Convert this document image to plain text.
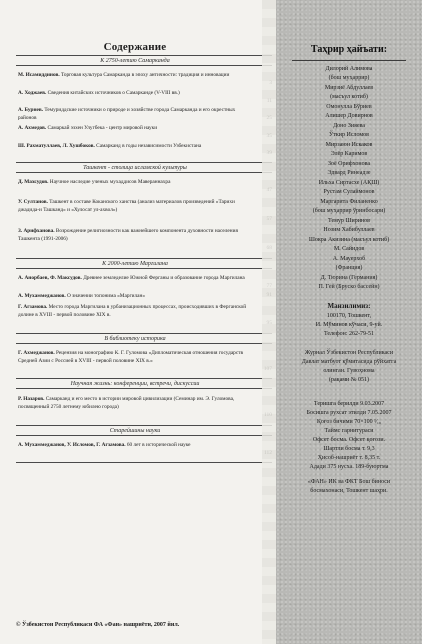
Содержание
К 2750-летию Самарканда
М. Исамиддинов. Торговая культура Самарканда в эпоху античности: традиция и инновации
А. Ходжаев. Сведения китайских источников о Самарканде (V-VIII вв.)
А. Бурнев. Темуриддские источники о природе и хозяйстве города Самарканда и его окрестных районов
А. Ахмедов. Самаркай эзхен Улугбека - центр мировой науки
Ш. Рахматуллаев, Л. Хушбоков. Самарканд в годы независимости Узбекистана
Ташкент - столица исламской культуры
Д. Махсудов. Научное наследие ученых мухаддисов Мавераннахра
У. Султанов. Ташкент в составе Коканского ханства (анализ материалов произведений «Тарихи джадида-и Ташканд» и «Хулосат ул-ахвол»)
З. Арифханова. Возрождение религиозности как важнейшего компонента духовности населения Ташкента (1991-2006)
К 2000-летию Маргилана
А. Анорбаев, Ф. Максудов. Древнее земледелие Южной Ферганы и образование города Маргилана
А. Мухаммеджанов. О значении топонима «Маргилан»
Г. Агзамова. Место города Маргилана в урбанизационных процессах, происходивших в Ферганской долине в XVIII - первой половине XIX в.
В библиотеку историка
Г. Ахмеджанов. Рецензия на монографию К. Г. Гуломова «Дипломатическая отношения государств Средней Азии с Россией в XVIII - первой половине XIX в.»
Научная жизнь: конференции, встречи, дискуссии
Р. Назаров. Самарканд и его место в истории мировой цивилизации (Семинар им. Э. Гуломова, посвященный 2750 летнему юбилею города)
Старейшины науки
А. Мухаммеджанов, У. Исломов, Г. Агзамова. 60 лет в исторической науке
© Ўзбекистон Республикаси ФА «Фан» нашриёти, 2007 йил.
Таҳрир ҳайъати:
Дилорий Алимова
(бош муҳаррир)
Мирзиё Абдуллаев
(масъул котиб)
Омонулла Бўриев
Алишер Довирнов
Доно Зияева
Ўткир Исломов
Мирзаюн Искаков
Элёр Каримов
Зоё Орифхонова
Эдвард Ринеадзе
Ильха Сиртасхе (АҚШ)
Рустам Сулаймонов
Маргарита Филаненко
(бош муҳаррир ўринбосари)
Темур Ширинов
Нозим Хабибуллаев
Шокра Акизина (масъул котиб)
М. Сайидов
А. Мауерхоб
(Франция)
Д. Тюрина (Германия)
П. Гей (Бруско бассейн)
Манзилимиз:
100170, Тошкент,
И. Мўминов кўчаси, 9-уй.
Телефон: 262-79-51
Журнал Ўзбекистон Республикаси
Давлат матбуот қўмитасида рўйхатга
олинган. Гувоҳнома
(рақами № 051)
Теришга берилди 9.03.2007
Босишга рухсат этилди 7.05.2007
Қоғоз бичими 70×100 ¹⁄₁₆
Таймс гарнитураси
Офсет босма. Офсет қоғози.
Шартли босма т. 9,3
Ҳисоб-нашриёт т. 8,35 т.
Адади 375 нусха. 189-буюртма
«ФАН» ИК ва ФКТ Бош биноси
босмахонаси, Тошкент шаҳри.
